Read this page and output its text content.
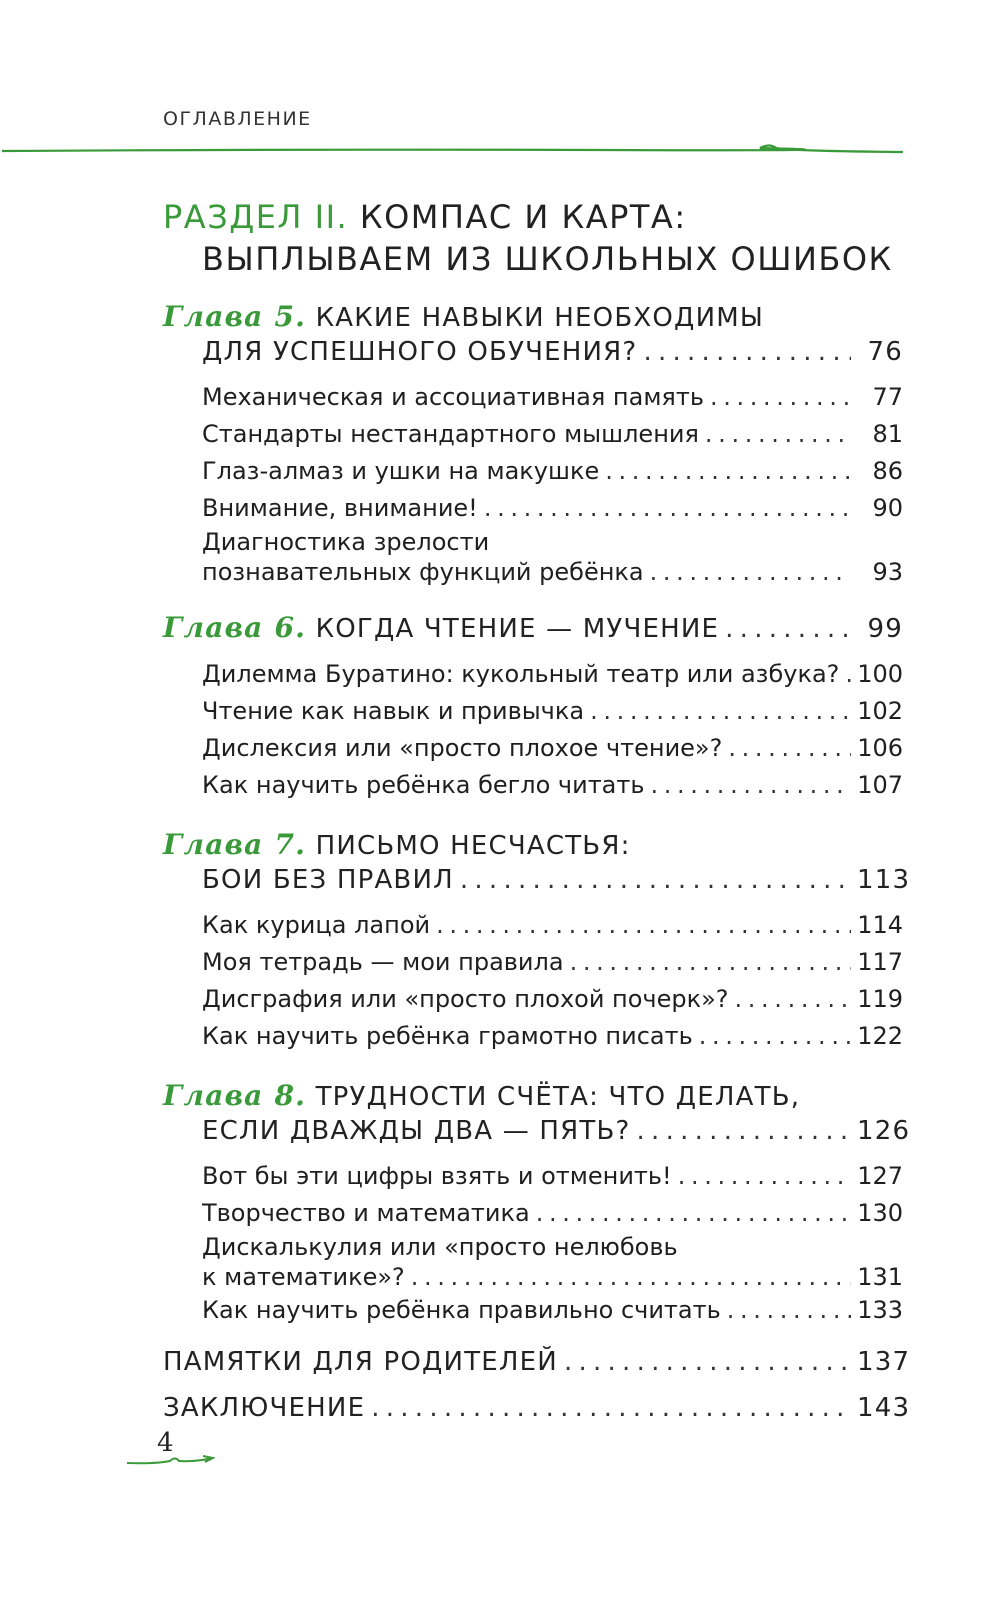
ОГЛАВЛЕНИЕ
РАЗДЕЛ II. КОМПАС И КАРТА:
ВЫПЛЫВАЕМ ИЗ ШКОЛЬНЫХ ОШИБОК
Глава 5. КАКИЕ НАВЫКИ НЕОБХОДИМЫ
ДЛЯ УСПЕШНОГО ОБУЧЕНИЯ? . . .	76
Механическая и ассоциативная память . . .	77
Стандарты нестандартного мышления . . .	81
Глаз-алмаз и ушки на макушке . . .	86
Внимание, внимание! . . .	90
Диагностика зрелости
познавательных функций ребёнка . . .	93
Глава 6. КОГДА ЧТЕНИЕ — МУЧЕНИЕ . . .	99
Дилемма Буратино: кукольный театр или азбука? . . . 100
Чтение как навык и привычка . . .	102
Дислексия или «просто плохое чтение»? . . .	106
Как научить ребёнка бегло читать . . .	107
Глава 7. ПИСЬМО НЕСЧАСТЬЯ:
БОИ БЕЗ ПРАВИЛ . . .	113
Как курица лапой . . .	114
Моя тетрадь — мои правила . . .	117
Дисграфия или «просто плохой почерк»? . . .	119
Как научить ребёнка грамотно писать . . .	122
Глава 8. ТРУДНОСТИ СЧЁТА: ЧТО ДЕЛАТЬ,
ЕСЛИ ДВАЖДЫ ДВА — ПЯТЬ? . . .	126
Вот бы эти цифры взять и отменить! . . .	127
Творчество и математика . . .	130
Дискалькулия или «просто нелюбовь
к математике»? . . .	131
Как научить ребёнка правильно считать . . .	133
ПАМЯТКИ ДЛЯ РОДИТЕЛЕЙ . . .	137
ЗАКЛЮЧЕНИЕ . . .	143
4
